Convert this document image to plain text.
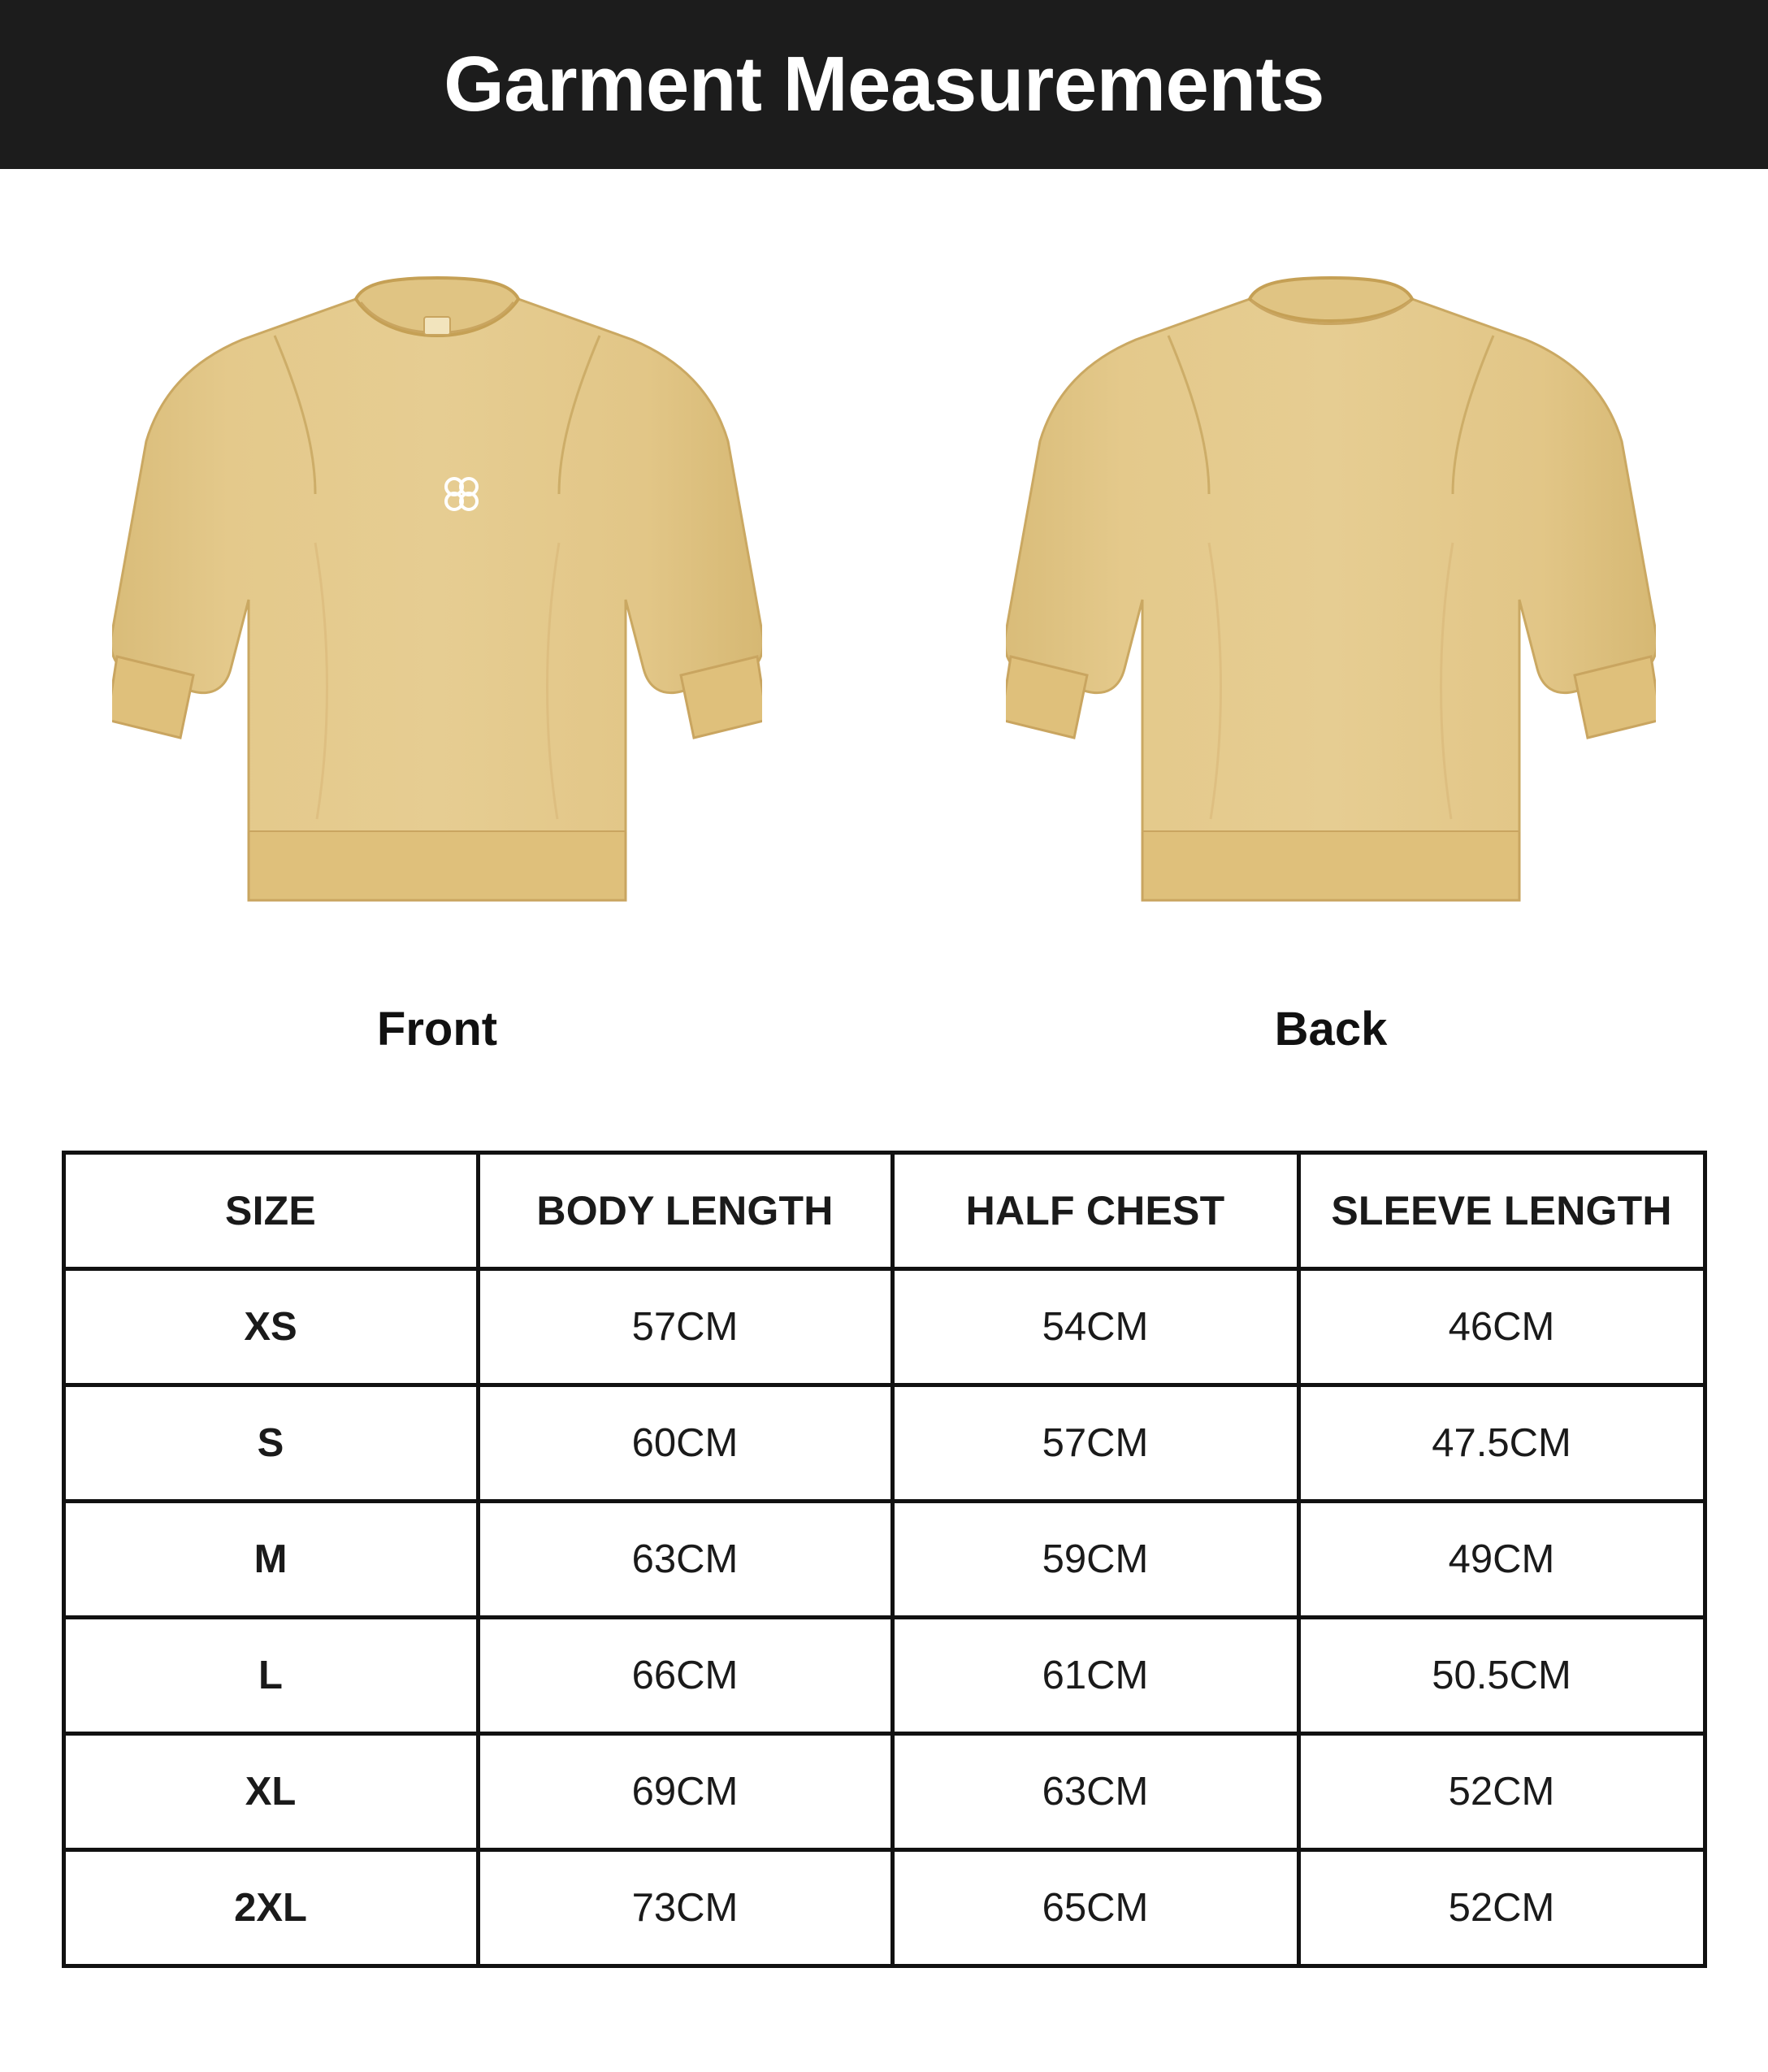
Garment Measurements
Front	Back
SIZE	BODY LENGTH	HALF CHEST	SLEEVE LENGTH
XS	57CM	54CM	46CM
S	60CM	57CM	47.5CM
M	63CM	59CM	49CM
L	66CM	61CM	50.5CM
XL	69CM	63CM	52CM
2XL	73CM	65CM	52CM
